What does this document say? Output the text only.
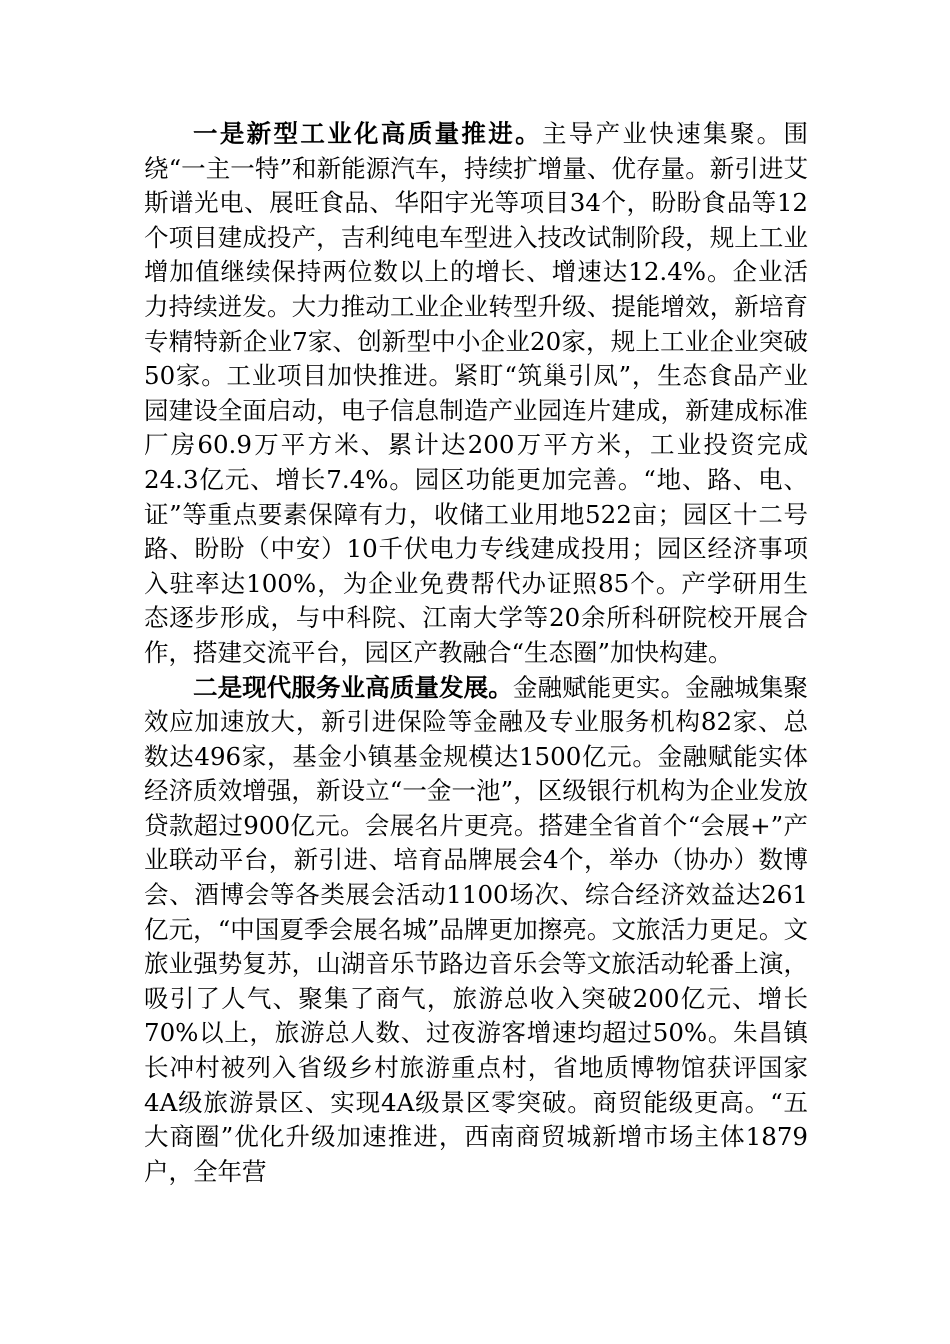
一是新型工业化高质量推进。主导产业快速集聚。围绕“一主一特”和新能源汽车，持续扩增量、优存量。新引进艾斯谱光电、展旺食品、华阳宇光等项目34个，盼盼食品等12个项目建成投产，吉利纯电车型进入技改试制阶段，规上工业增加值继续保持两位数以上的增长、增速达12.4%。企业活力持续迸发。大力推动工业企业转型升级、提能增效，新培育专精特新企业7家、创新型中小企业20家，规上工业企业突破50家。工业项目加快推进。紧盯“筑巢引凤”，生态食品产业园建设全面启动，电子信息制造产业园连片建成，新建成标准厂房60.9万平方米、累计达200万平方米，工业投资完成24.3亿元、增长7.4%。园区功能更加完善。“地、路、电、证”等重点要素保障有力，收储工业用地522亩；园区十二号路、盼盼（中安）10千伏电力专线建成投用；园区经济事项入驻率达100%，为企业免费帮代办证照85个。产学研用生态逐步形成，与中科院、江南大学等20余所科研院校开展合作，搭建交流平台，园区产教融合“生态圈”加快构建。

二是现代服务业高质量发展。金融赋能更实。金融城集聚效应加速放大，新引进保险等金融及专业服务机构82家、总数达496家，基金小镇基金规模达1500亿元。金融赋能实体经济质效增强，新设立“一金一池”，区级银行机构为企业发放贷款超过900亿元。会展名片更亮。搭建全省首个“会展+”产业联动平台，新引进、培育品牌展会4个，举办（协办）数博会、酒博会等各类展会活动1100场次、综合经济效益达261亿元，“中国夏季会展名城”品牌更加擦亮。文旅活力更足。文旅业强势复苏，山湖音乐节路边音乐会等文旅活动轮番上演，吸引了人气、聚集了商气，旅游总收入突破200亿元、增长70%以上，旅游总人数、过夜游客增速均超过50%。朱昌镇长冲村被列入省级乡村旅游重点村，省地质博物馆获评国家4A级旅游景区、实现4A级景区零突破。商贸能级更高。“五大商圈”优化升级加速推进，西南商贸城新增市场主体1879户，全年营
